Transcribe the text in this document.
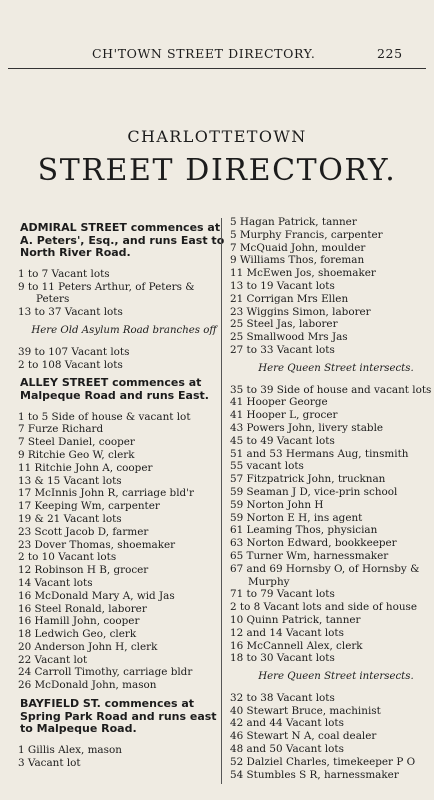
CH'TOWN STREET DIRECTORY.	225
CHARLOTTETOWN
STREET DIRECTORY.
ADMIRAL STREET commences at A. Peters', Esq., and runs East to North River Road.
1 to 7 Vacant lots
9 to 11 Peters Arthur, of Peters & Peters
13 to 37 Vacant lots
Here Old Asylum Road branches off
39 to 107 Vacant lots
2 to 108 Vacant lots
ALLEY STREET commences at Malpeque Road and runs East.
1 to 5 Side of house & vacant lot
7 Furze Richard
7 Steel Daniel, cooper
9 Ritchie Geo W, clerk
11 Ritchie John A, cooper
13 & 15 Vacant lots
17 McInnis John R, carriage bld'r
17 Keeping Wm, carpenter
19 & 21 Vacant lots
23 Scott Jacob D, farmer
23 Dover Thomas, shoemaker
2 to 10 Vacant lots
12 Robinson H B, grocer
14 Vacant lots
16 McDonald Mary A, wid Jas
16 Steel Ronald, laborer
16 Hamill John, cooper
18 Ledwich Geo, clerk
20 Anderson John H, clerk
22 Vacant lot
24 Carroll Timothy, carriage bldr
26 McDonald John, mason
BAYFIELD ST. commences at Spring Park Road and runs east to Malpeque Road.
1 Gillis Alex, mason
3 Vacant lot
5 Hagan Patrick, tanner
5 Murphy Francis, carpenter
7 McQuaid John, moulder
9 Williams Thos, foreman
11 McEwen Jos, shoemaker
13 to 19 Vacant lots
21 Corrigan Mrs Ellen
23 Wiggins Simon, laborer
25 Steel Jas, laborer
25 Smallwood Mrs Jas
27 to 33 Vacant lots
Here Queen Street intersects.
35 to 39 Side of house and vacant lots
41 Hooper George
41 Hooper L, grocer
43 Powers John, livery stable
45 to 49 Vacant lots
51 and 53 Hermans Aug, tinsmith
55 vacant lots
57 Fitzpatrick John, trucknan
59 Seaman J D, vice-prin school
59 Norton John H
59 Norton E H, ins agent
61 Leaming Thos, physician
63 Norton Edward, bookkeeper
65 Turner Wm, harnessmaker
67 and 69 Hornsby O, of Hornsby & Murphy
71 to 79 Vacant lots
2 to 8 Vacant lots and side of house
10 Quinn Patrick, tanner
12 and 14 Vacant lots
16 McCannell Alex, clerk
18 to 30 Vacant lots
Here Queen Street intersects.
32 to 38 Vacant lots
40 Stewart Bruce, machinist
42 and 44 Vacant lots
46 Stewart N A, coal dealer
48 and 50 Vacant lots
52 Dalziel Charles, timekeeper P O
54 Stumbles S R, harnessmaker
